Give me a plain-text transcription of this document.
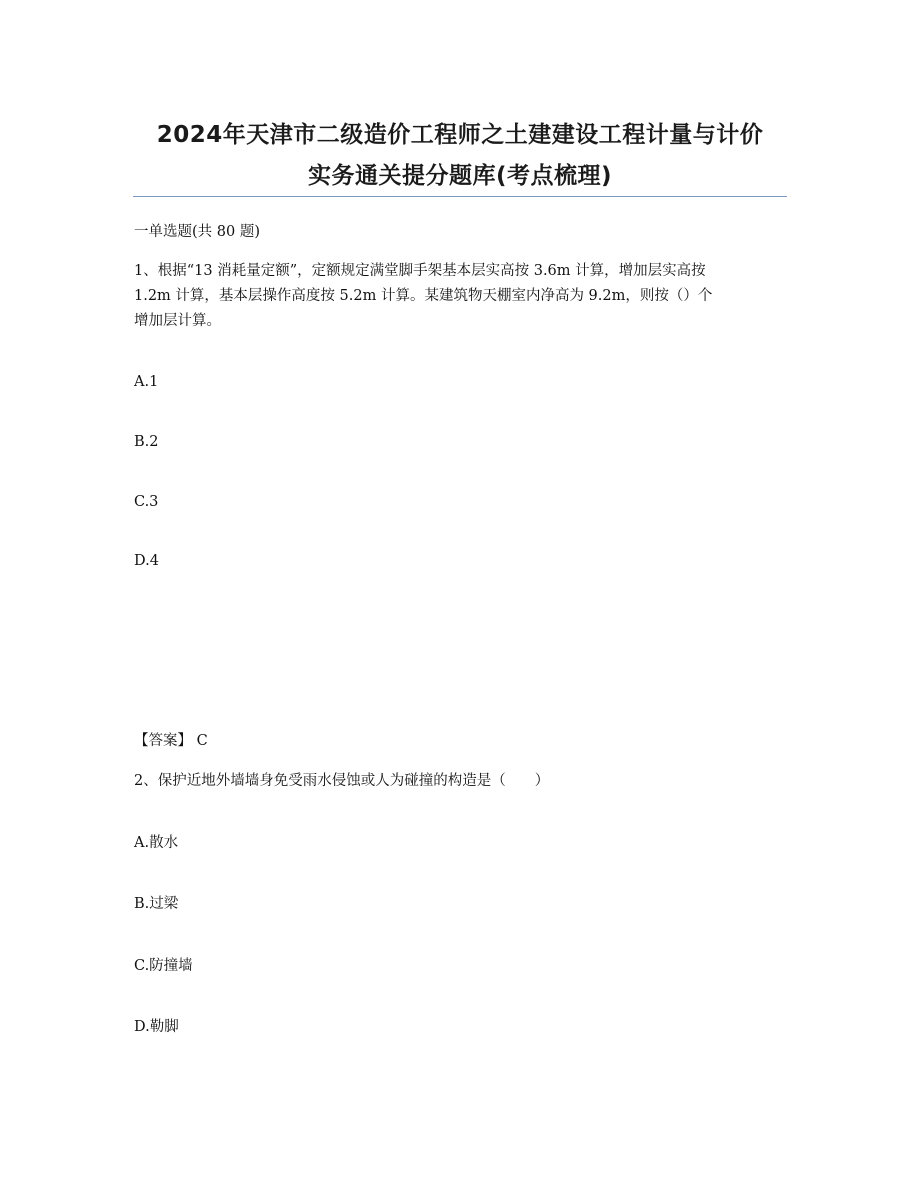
2024年天津市二级造价工程师之土建建设工程计量与计价
实务通关提分题库(考点梳理)
一单选题(共 80 题)
1、根据“13 消耗量定额”，定额规定满堂脚手架基本层实高按 3.6m 计算，增加层实高按
1.2m 计算，基本层操作高度按 5.2m 计算。某建筑物天棚室内净高为 9.2m，则按（）个
增加层计算。
A.1
B.2
C.3
D.4
【答案】 C
2、保护近地外墙墙身免受雨水侵蚀或人为碰撞的构造是（　　）
A.散水
B.过梁
C.防撞墙
D.勒脚
